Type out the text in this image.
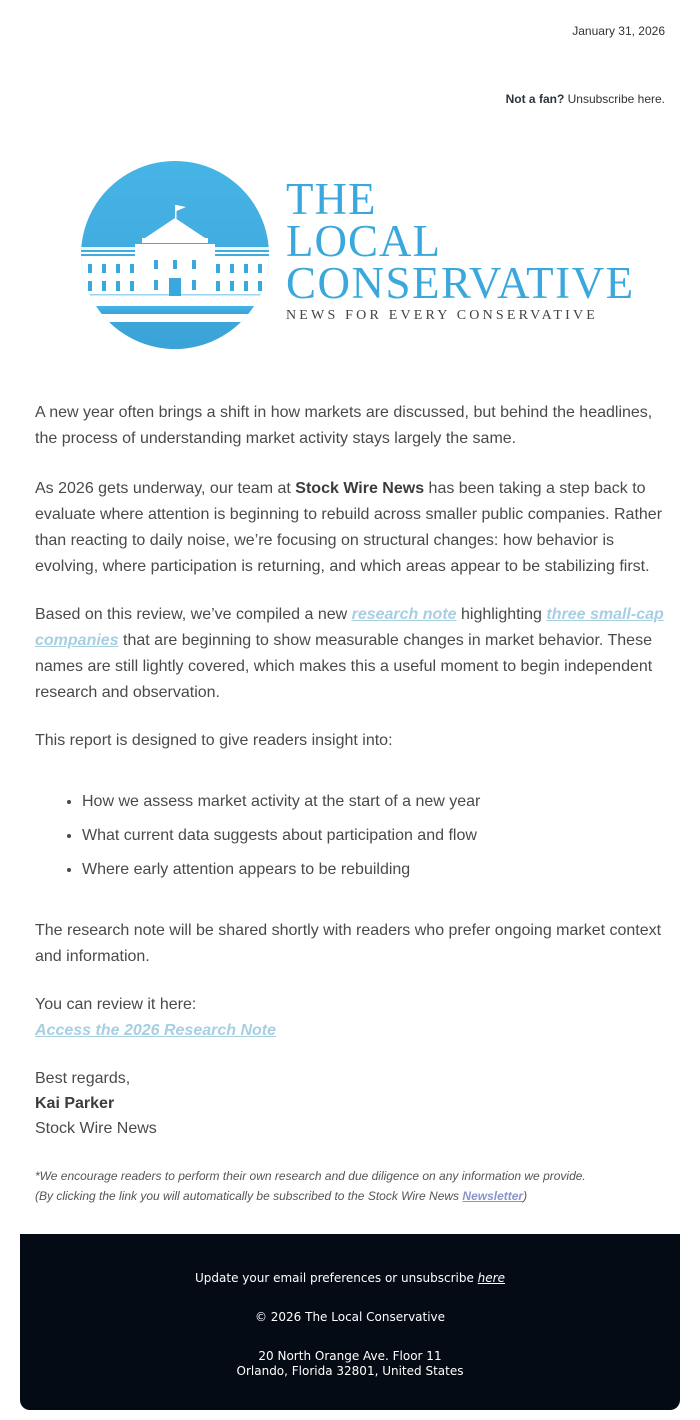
January 31, 2026
Not a fan? Unsubscribe here.
THE
LOCAL
CONSERVATIVE
NEWS FOR EVERY CONSERVATIVE

A new year often brings a shift in how markets are discussed, but behind the headlines, the process of understanding market activity stays largely the same.

As 2026 gets underway, our team at Stock Wire News has been taking a step back to evaluate where attention is beginning to rebuild across smaller public companies. Rather than reacting to daily noise, we’re focusing on structural changes: how behavior is evolving, where participation is returning, and which areas appear to be stabilizing first.

Based on this review, we’ve compiled a new research note highlighting three small-cap companies that are beginning to show measurable changes in market behavior. These names are still lightly covered, which makes this a useful moment to begin independent research and observation.

This report is designed to give readers insight into:

• How we assess market activity at the start of a new year
• What current data suggests about participation and flow
• Where early attention appears to be rebuilding

The research note will be shared shortly with readers who prefer ongoing market context and information.

You can review it here:
Access the 2026 Research Note

Best regards,
Kai Parker
Stock Wire News

*We encourage readers to perform their own research and due diligence on any information we provide.
(By clicking the link you will automatically be subscribed to the Stock Wire News Newsletter)
Update your email preferences or unsubscribe here
© 2026 The Local Conservative
20 North Orange Ave. Floor 11
Orlando, Florida 32801, United States
